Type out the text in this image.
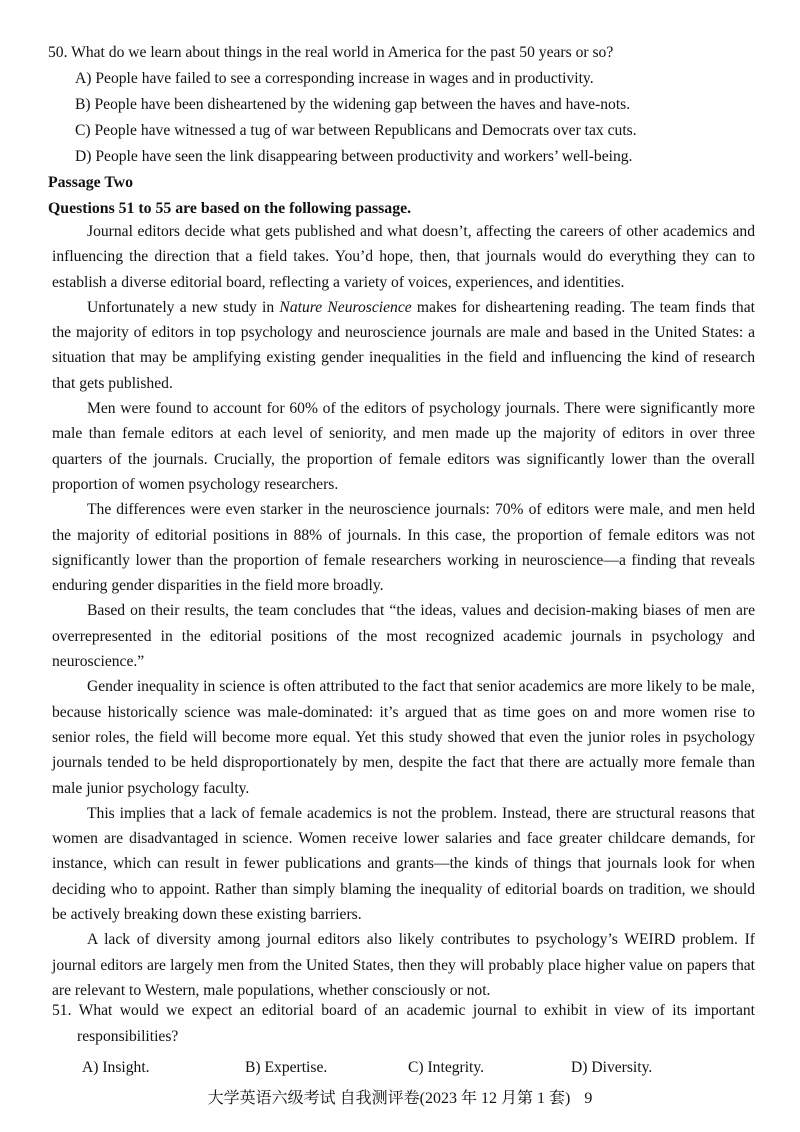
50. What do we learn about things in the real world in America for the past 50 years or so?
A) People have failed to see a corresponding increase in wages and in productivity.
B) People have been disheartened by the widening gap between the haves and have-nots.
C) People have witnessed a tug of war between Republicans and Democrats over tax cuts.
D) People have seen the link disappearing between productivity and workers’ well-being.
Passage Two
Questions 51 to 55 are based on the following passage.

Journal editors decide what gets published and what doesn’t, affecting the careers of other academics and influencing the direction that a field takes. You’d hope, then, that journals would do everything they can to establish a diverse editorial board, reflecting a variety of voices, experiences, and identities.

Unfortunately a new study in Nature Neuroscience makes for disheartening reading. The team finds that the majority of editors in top psychology and neuroscience journals are male and based in the United States: a situation that may be amplifying existing gender inequalities in the field and influencing the kind of research that gets published.

Men were found to account for 60% of the editors of psychology journals. There were significantly more male than female editors at each level of seniority, and men made up the majority of editors in over three quarters of the journals. Crucially, the proportion of female editors was significantly lower than the overall proportion of women psychology researchers.

The differences were even starker in the neuroscience journals: 70% of editors were male, and men held the majority of editorial positions in 88% of journals. In this case, the proportion of female editors was not significantly lower than the proportion of female researchers working in neuroscience—a finding that reveals enduring gender disparities in the field more broadly.

Based on their results, the team concludes that “the ideas, values and decision-making biases of men are overrepresented in the editorial positions of the most recognized academic journals in psychology and neuroscience.”

Gender inequality in science is often attributed to the fact that senior academics are more likely to be male, because historically science was male-dominated: it’s argued that as time goes on and more women rise to senior roles, the field will become more equal. Yet this study showed that even the junior roles in psychology journals tended to be held disproportionately by men, despite the fact that there are actually more female than male junior psychology faculty.

This implies that a lack of female academics is not the problem. Instead, there are structural reasons that women are disadvantaged in science. Women receive lower salaries and face greater childcare demands, for instance, which can result in fewer publications and grants—the kinds of things that journals look for when deciding who to appoint. Rather than simply blaming the inequality of editorial boards on tradition, we should be actively breaking down these existing barriers.

A lack of diversity among journal editors also likely contributes to psychology’s WEIRD problem. If journal editors are largely men from the United States, then they will probably place higher value on papers that are relevant to Western, male populations, whether consciously or not.

51. What would we expect an editorial board of an academic journal to exhibit in view of its important responsibilities?

A) Insight.	B) Expertise.	C) Integrity.	D) Diversity.
大学英语六级考试 自我测评卷(2023 年 12 月第 1 套) 9
